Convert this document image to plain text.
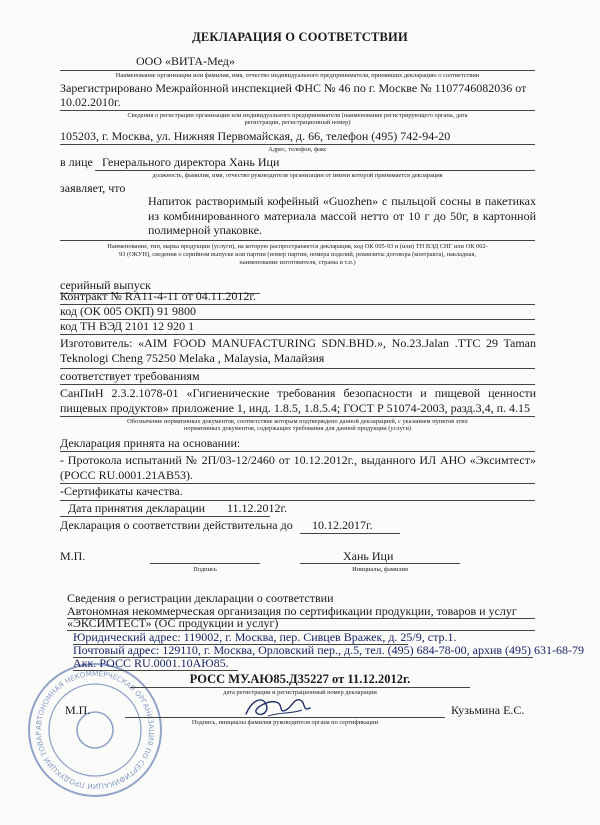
ДЕКЛАРАЦИЯ О СООТВЕТСТВИИ
ООО «ВИТА-Мед»
Наименование организации или фамилия, имя, отчество индивидуального предпринимателя, принявших декларацию о соответствии
Зарегистрировано Межрайонной инспекцией ФНС № 46 по г. Москве № 1107746082036 от
10.02.2010г.
Сведения о регистрации организации или индивидуального предпринимателя (наименование регистрирующего органа, дата
регистрации, регистрационный номер)
105203, г. Москва, ул. Нижняя Первомайская, д. 66, телефон (495) 742-94-20
Адрес, телефон, факс
в лице Генерального директора Хань Ици
должность, фамилия, имя, отчество руководителя организации от имени которой принимается декларация
заявляет, что
Напиток растворимый кофейный «Guozhen» с пыльцой сосны в пакетиках из комбинированного материала массой нетто от 10 г до 50г, в картонной полимерной упаковке.
Наименование, тип, марка продукции (услуги), на которую распространяется декларация, код ОК 005-93 и (или) ТН ВЭД СНГ или ОК 002-
93 (ОКУН), сведения о серийном выпуске или партии (номер партии, номера изделий, реквизиты договора (контракта), накладная,
наименование изготовителя, страны и т.п.)
серийный выпуск
Контракт № RA11-4-11 от 04.11.2012г.
код (ОК 005 ОКП) 91 9800
код ТН ВЭД 2101 12 920 1
Изготовитель: «AIM FOOD MANUFACTURING SDN.BHD.», No.23.Jalan .TTC 29 Taman Teknologi Cheng 75250 Melaka , Malaysia, Малайзия
соответствует требованиям
СанПиН 2.3.2.1078-01 «Гигиенические требования безопасности и пищевой ценности пищевых продуктов» приложение 1, инд. 1.8.5, 1.8.5.4; ГОСТ Р 51074-2003, разд.3,4, п. 4.15
Обозначение нормативных документов, соответствие которым подтверждено данной декларацией, с указанием пунктов этих
нормативных документов, содержащих требования для данной продукции (услуги)
Декларация принята на основании:
- Протокола испытаний № 2П/03-12/2460 от 10.12.2012г., выданного ИЛ АНО «Эксимтест» (РОСС RU.0001.21АВ53).
-Сертификаты качества.
Дата принятия декларации 11.12.2012г.
Декларация о соответствии действительна до 10.12.2017г.
М.П.
Подпись
Хань Ици
Инициалы, фамилия
Сведения о регистрации декларации о соответствии
Автономная некоммерческая организация по сертификации продукции, товаров и услуг
«ЭКСИМТЕСТ» (ОС продукции и услуг)
АВТОНОМНАЯ НЕКОММЕРЧЕСКАЯ ОРГАНИЗАЦИЯ ПО СЕРТИФИКАЦИИ ПРОДУКЦИИ ТОВАР
Юридический адрес: 119002, г. Москва, пер. Сивцев Вражек, д. 25/9, стр.1.
Почтовый адрес: 129110, г. Москва, Орловский пер., д.5, тел. (495) 684-78-00, архив (495) 631-68-79
Акк. РОСС RU.0001.10АЮ85.
РОСС МУ.АЮ85.Д35227 от 11.12.2012г.
дата регистрации и регистрационный номер декларации
М.П.	Кузьмина Е.С.
Подпись, инициалы фамилия руководителя органа по сертификации
